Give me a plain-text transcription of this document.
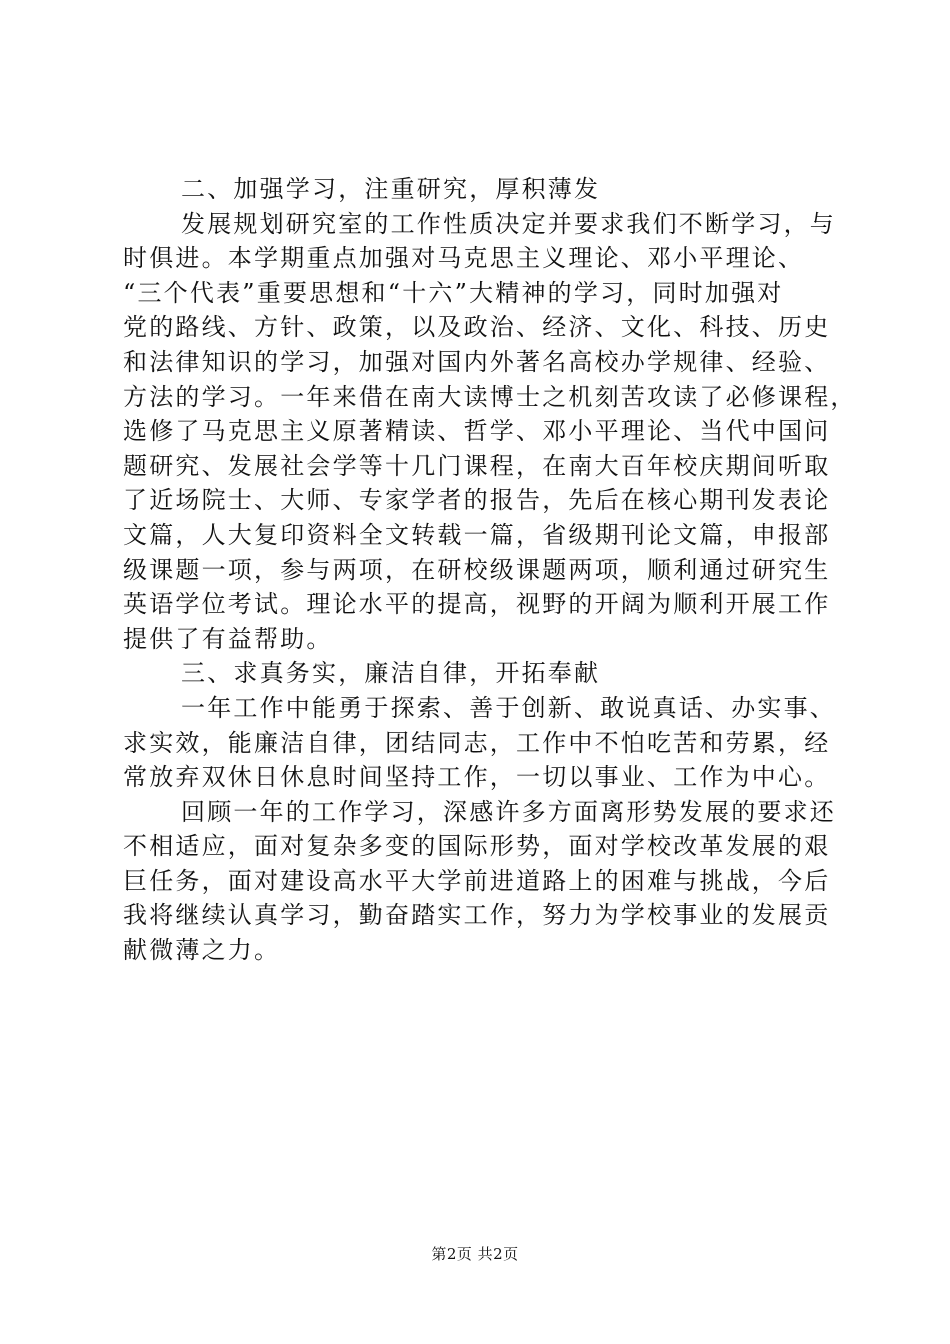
二、加强学习，注重研究，厚积薄发
发展规划研究室的工作性质决定并要求我们不断学习，与
时俱进。本学期重点加强对马克思主义理论、邓小平理论、
“三个代表”重要思想和“十六”大精神的学习，同时加强对
党的路线、方针、政策，以及政治、经济、文化、科技、历史
和法律知识的学习，加强对国内外著名高校办学规律、经验、
方法的学习。一年来借在南大读博士之机刻苦攻读了必修课程，
选修了马克思主义原著精读、哲学、邓小平理论、当代中国问
题研究、发展社会学等十几门课程，在南大百年校庆期间听取
了近场院士、大师、专家学者的报告，先后在核心期刊发表论
文篇，人大复印资料全文转载一篇，省级期刊论文篇，申报部
级课题一项，参与两项，在研校级课题两项，顺利通过研究生
英语学位考试。理论水平的提高，视野的开阔为顺利开展工作
提供了有益帮助。
三、求真务实，廉洁自律，开拓奉献
一年工作中能勇于探索、善于创新、敢说真话、办实事、
求实效，能廉洁自律，团结同志，工作中不怕吃苦和劳累，经
常放弃双休日休息时间坚持工作，一切以事业、工作为中心。
回顾一年的工作学习，深感许多方面离形势发展的要求还
不相适应，面对复杂多变的国际形势，面对学校改革发展的艰
巨任务，面对建设高水平大学前进道路上的困难与挑战，今后
我将继续认真学习，勤奋踏实工作，努力为学校事业的发展贡
献微薄之力。
第2页 共2页
